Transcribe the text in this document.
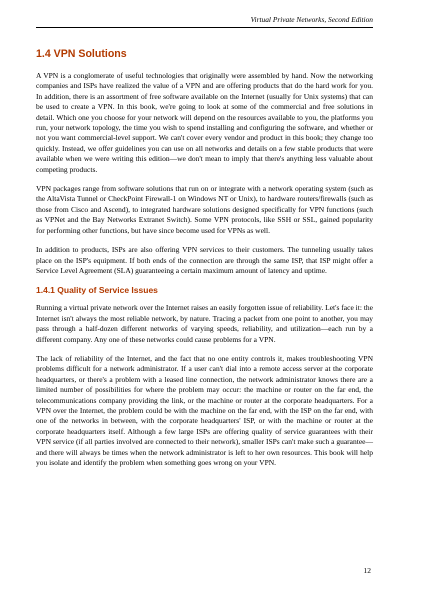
Virtual Private Networks, Second Edition
1.4 VPN Solutions

A VPN is a conglomerate of useful technologies that originally were assembled by hand. Now the networking companies and ISPs have realized the value of a VPN and are offering products that do the hard work for you. In addition, there is an assortment of free software available on the Internet (usually for Unix systems) that can be used to create a VPN. In this book, we're going to look at some of the commercial and free solutions in detail. Which one you choose for your network will depend on the resources available to you, the platforms you run, your network topology, the time you wish to spend installing and configuring the software, and whether or not you want commercial-level support. We can't cover every vendor and product in this book; they change too quickly. Instead, we offer guidelines you can use on all networks and details on a few stable products that were available when we were writing this edition—we don't mean to imply that there's anything less valuable about competing products.

VPN packages range from software solutions that run on or integrate with a network operating system (such as the AltaVista Tunnel or CheckPoint Firewall-1 on Windows NT or Unix), to hardware routers/firewalls (such as those from Cisco and Ascend), to integrated hardware solutions designed specifically for VPN functions (such as VPNet and the Bay Networks Extranet Switch). Some VPN protocols, like SSH or SSL, gained popularity for performing other functions, but have since become used for VPNs as well.

In addition to products, ISPs are also offering VPN services to their customers. The tunneling usually takes place on the ISP's equipment. If both ends of the connection are through the same ISP, that ISP might offer a Service Level Agreement (SLA) guaranteeing a certain maximum amount of latency and uptime.

1.4.1 Quality of Service Issues

Running a virtual private network over the Internet raises an easily forgotten issue of reliability. Let's face it: the Internet isn't always the most reliable network, by nature. Tracing a packet from one point to another, you may pass through a half-dozen different networks of varying speeds, reliability, and utilization—each run by a different company. Any one of these networks could cause problems for a VPN.

The lack of reliability of the Internet, and the fact that no one entity controls it, makes troubleshooting VPN problems difficult for a network administrator. If a user can't dial into a remote access server at the corporate headquarters, or there's a problem with a leased line connection, the network administrator knows there are a limited number of possibilities for where the problem may occur: the machine or router on the far end, the telecommunications company providing the link, or the machine or router at the corporate headquarters. For a VPN over the Internet, the problem could be with the machine on the far end, with the ISP on the far end, with one of the networks in between, with the corporate headquarters' ISP, or with the machine or router at the corporate headquarters itself. Although a few large ISPs are offering quality of service guarantees with their VPN service (if all parties involved are connected to their network), smaller ISPs can't make such a guarantee—and there will always be times when the network administrator is left to her own resources. This book will help you isolate and identify the problem when something goes wrong on your VPN.

12
